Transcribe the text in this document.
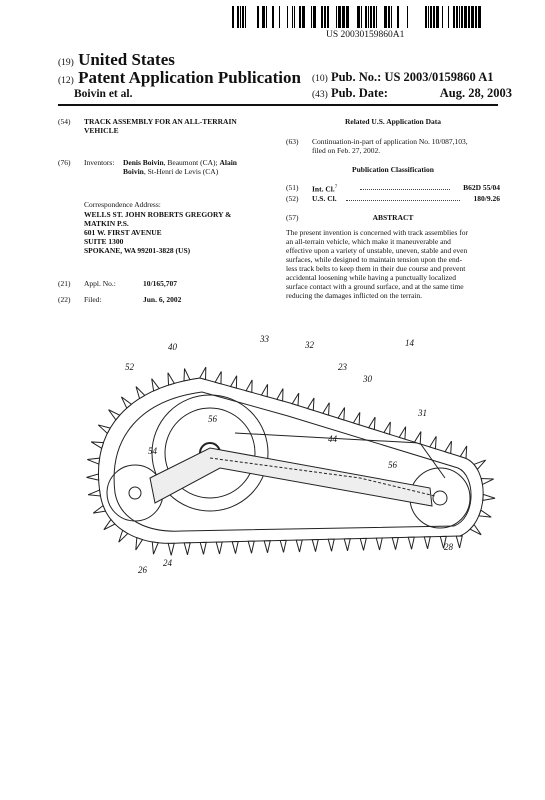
US 20030159860A1
(19) United States
(12) Patent Application Publication
Boivin et al.
(10) Pub. No.: US 2003/0159860 A1
(43) Pub. Date:	Aug. 28, 2003
(54) TRACK ASSEMBLY FOR AN ALL-TERRAIN
VEHICLE
(76) Inventors: Denis Boivin, Beaumont (CA); Alain
Boivin, St-Henri de Levis (CA)
Correspondence Address:
WELLS ST. JOHN ROBERTS GREGORY &
MATKIN P.S.
601 W. FIRST AVENUE
SUITE 1300
SPOKANE, WA 99201-3828 (US)
(21) Appl. No.:	10/165,707
(22) Filed:	Jun. 6, 2002
Related U.S. Application Data
(63) Continuation-in-part of application No. 10/087,103,
filed on Feb. 27, 2002.
Publication Classification
(51) Int. Cl.$^7$	B62D 55/04
(52) U.S. Cl.	180/9.26
(57)	ABSTRACT
The present invention is concerned with track assemblies for
an all-terrain vehicle, which make it maneuverable and
effective upon a variety of unstable, uneven, stable and even
surfaces, while designed to maintain tension upon the end-
less track belts to keep them in their due course and prevent
accidental loosening while having a punctually localized
surface contact with a ground surface, and at the same time
reducing the damages inflicted on the terrain.
14
40
33
32
52	23
30
31
56
44
54
56
26
24
28
